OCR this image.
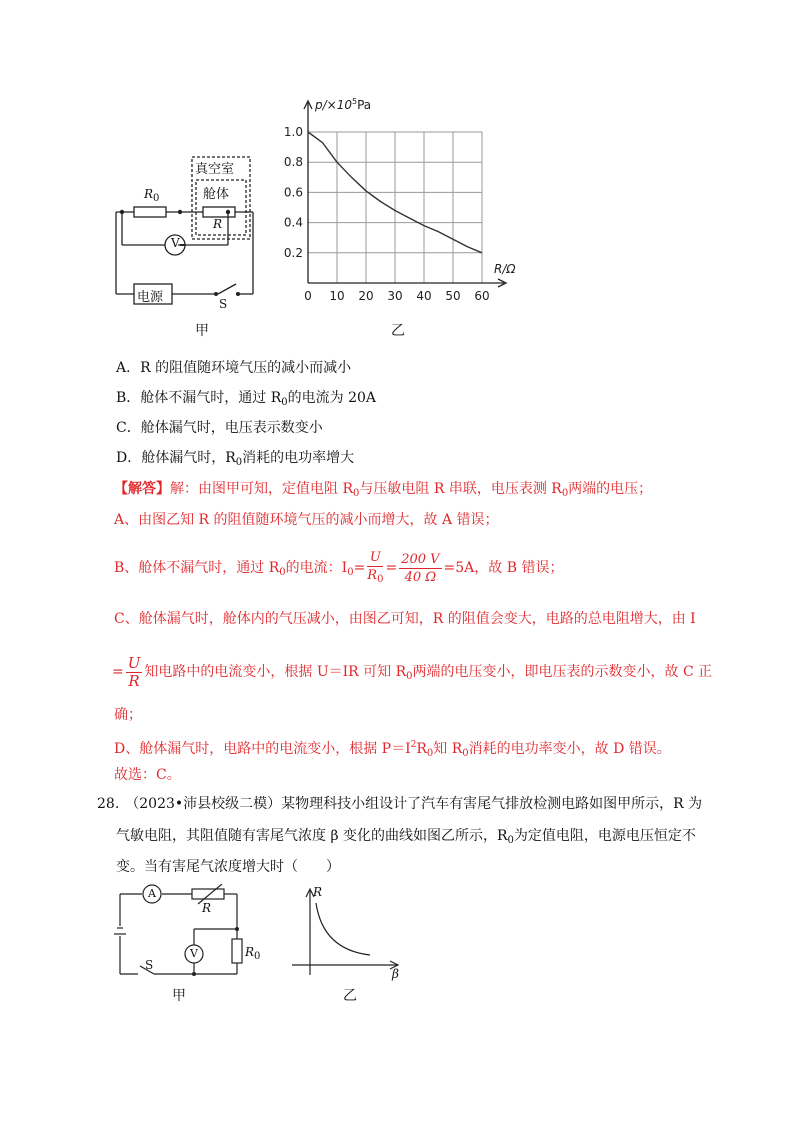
真空室
舱体
R
$R_0$
V
电源	S
甲
0 10 20 30 40 50 60
1.0
0.8
0.6
0.4
0.2
$p/\times 10^5Pa$
R/Ω
乙
A．R 的阻值随环境气压的减小而减小
B．舱体不漏气时，通过 $R_0$的电流为 20A
C．舱体漏气时，电压表示数变小
D．舱体漏气时，$R_0$消耗的电功率增大
【解答】解：由图甲可知，定值电阻 $R_0$与压敏电阻 R 串联，电压表测 $R_0$两端的电压；
A、由图乙知 R 的阻值随环境气压的减小而增大，故 A 错误；
B、舱体不漏气时，通过 $R_0$的电流：$I_0= \frac{U}{R_0} = \frac{200 V}{40 \Omega} =5A$，故 B 错误；
C、舱体漏气时，舱体内的气压减小，由图乙可知，R 的阻值会变大，电路的总电阻增大，由 I
= $\frac{U}{R}$ 知电路中的电流变小，根据 U＝IR 可知 $R_0$两端的电压变小，即电压表的示数变小，故 C 正
确；
D、舱体漏气时，电路中的电流变小，根据 $P=I^2R_0$知 $R_0$消耗的电功率变小，故 D 错误。
故选：C。
28. （2023•沛县校级二模）某物理科技小组设计了汽车有害尾气排放检测电路如图甲所示，R 为
气敏电阻，其阻值随有害尾气浓度 β 变化的曲线如图乙所示，$R_0$为定值电阻，电源电压恒定不
变。当有害尾气浓度增大时（　　）
A
R
V	$R_0$
S
甲
R
β
乙
